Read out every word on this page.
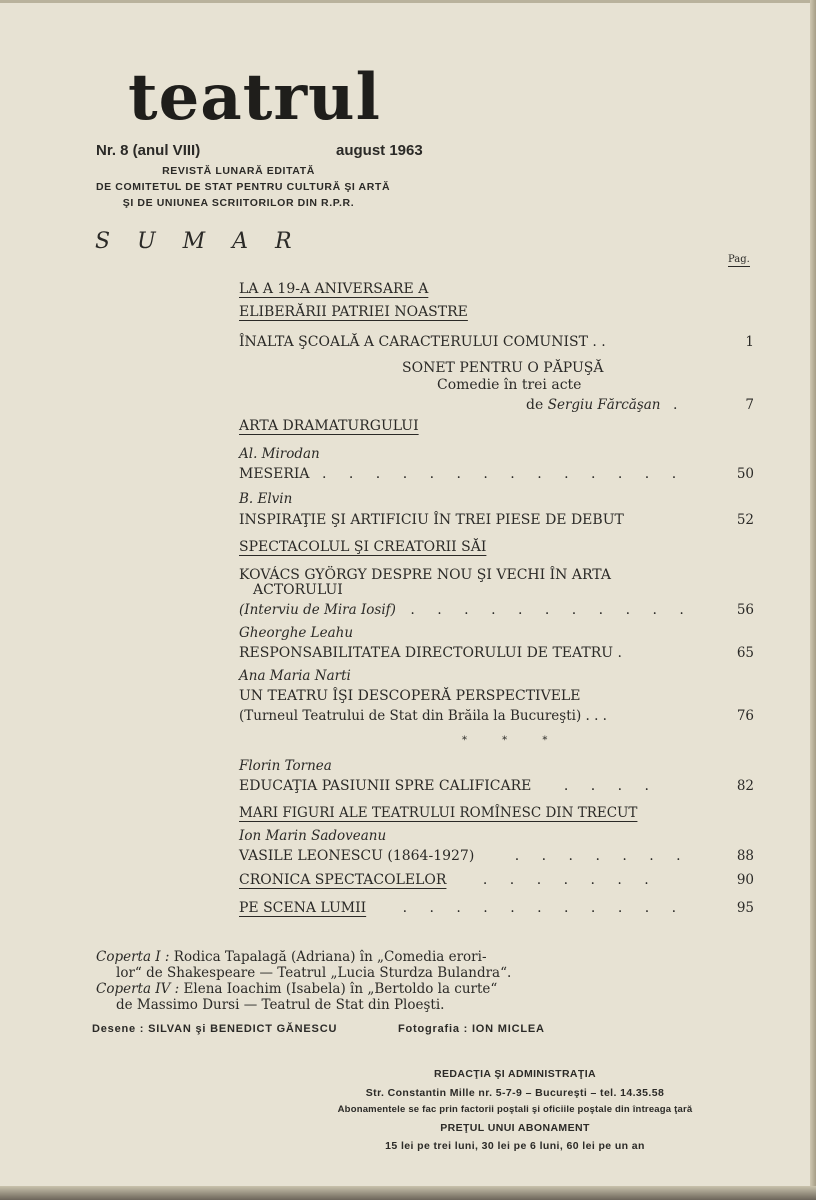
teatrul
Nr. 8 (anul VIII)	august 1963
REVISTĂ LUNARĂ EDITATĂ
DE COMITETUL DE STAT PENTRU CULTURĂ ŞI ARTĂ
ŞI DE UNIUNEA SCRIITORILOR DIN R.P.R.
S U M A R
Pag.
LA A 19-A ANIVERSARE A
ELIBERĂRII PATRIEI NOASTRE
ÎNALTA ŞCOALĂ A CARACTERULUI COMUNIST . .	1
SONET PENTRU O PĂPUŞĂ
Comedie în trei acte
de Sergiu Fărcăşan .	7
ARTA DRAMATURGULUI
Al. Mirodan
MESERIA . . . . . . . . . . . . . .	50
B. Elvin
INSPIRAŢIE ŞI ARTIFICIU ÎN TREI PIESE DE DEBUT	52
SPECTACOLUL ŞI CREATORII SĂI
KOVÁCS GYÖRGY DESPRE NOU ŞI VECHI ÎN ARTA
ACTORULUI
(Interviu de Mira Iosif) . . . . . . . . . . .	56
Gheorghe Leahu
RESPONSABILITATEA DIRECTORULUI DE TEATRU .	65
Ana Maria Narti
UN TEATRU ÎŞI DESCOPERĂ PERSPECTIVELE
(Turneul Teatrului de Stat din Brăila la Bucureşti) . . .	76
* * *
Florin Tornea
EDUCAŢIA PASIUNII SPRE CALIFICARE . . . .	82
MARI FIGURI ALE TEATRULUI ROMÎNESC DIN TRECUT
Ion Marin Sadoveanu
VASILE LEONESCU (1864-1927)	. . . . . . .	88
CRONICA SPECTACOLELOR	. . . . . . .	90
PE SCENA LUMII	. . . . . . . . . . .	95
Coperta I : Rodica Tapalagă (Adriana) în „Comedia erori-
lor“ de Shakespeare — Teatrul „Lucia Sturdza Bulandra“.
Coperta IV : Elena Ioachim (Isabela) în „Bertoldo la curte“
de Massimo Dursi — Teatrul de Stat din Ploeşti.
Desene : SILVAN şi BENEDICT GĂNESCU	Fotografia : ION MICLEA
REDACŢIA ŞI ADMINISTRAŢIA
Str. Constantin Mille nr. 5-7-9 – Bucureşti – tel. 14.35.58
Abonamentele se fac prin factorii poştali şi oficiile poştale din întreaga ţară
PREŢUL UNUI ABONAMENT
15 lei pe trei luni, 30 lei pe 6 luni, 60 lei pe un an
